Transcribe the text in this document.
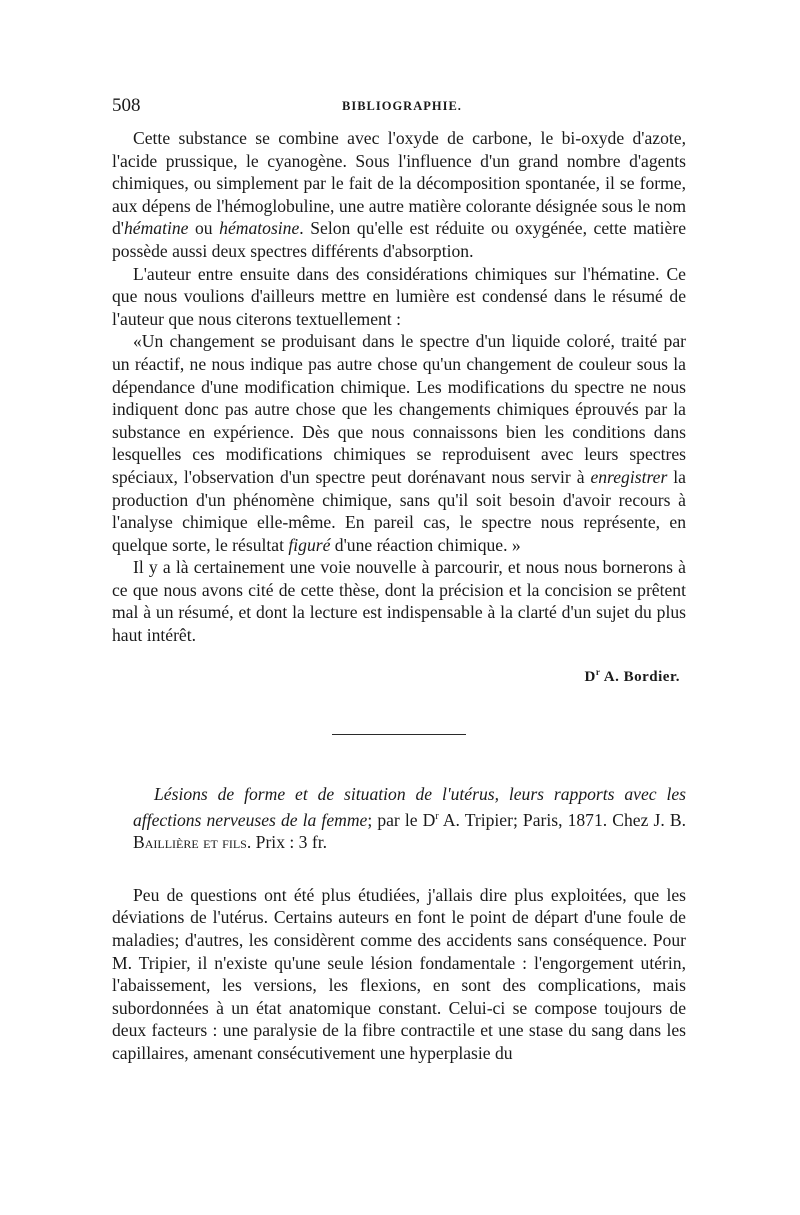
508	BIBLIOGRAPHIE.

Cette substance se combine avec l'oxyde de carbone, le bi-oxyde d'azote, l'acide prussique, le cyanogène. Sous l'influence d'un grand nombre d'agents chimiques, ou simplement par le fait de la décomposition spontanée, il se forme, aux dépens de l'hémoglobuline, une autre matière colorante désignée sous le nom d'hématine ou hématosine. Selon qu'elle est réduite ou oxygénée, cette matière possède aussi deux spectres différents d'absorption.

L'auteur entre ensuite dans des considérations chimiques sur l'hématine. Ce que nous voulions d'ailleurs mettre en lumière est condensé dans le résumé de l'auteur que nous citerons textuellement :

«Un changement se produisant dans le spectre d'un liquide coloré, traité par un réactif, ne nous indique pas autre chose qu'un changement de couleur sous la dépendance d'une modification chimique. Les modifications du spectre ne nous indiquent donc pas autre chose que les changements chimiques éprouvés par la substance en expérience. Dès que nous connaissons bien les conditions dans lesquelles ces modifications chimiques se reproduisent avec leurs spectres spéciaux, l'observation d'un spectre peut dorénavant nous servir à enregistrer la production d'un phénomène chimique, sans qu'il soit besoin d'avoir recours à l'analyse chimique elle-même. En pareil cas, le spectre nous représente, en quelque sorte, le résultat figuré d'une réaction chimique. »

Il y a là certainement une voie nouvelle à parcourir, et nous nous bornerons à ce que nous avons cité de cette thèse, dont la précision et la concision se prêtent mal à un résumé, et dont la lecture est indispensable à la clarté d'un sujet du plus haut intérêt.

$D^r$ A. Bordier.

Lésions de forme et de situation de l'utérus, leurs rapports avec les affections nerveuses de la femme; par le $D^r$ A. Tripier; Paris, 1871. Chez J. B. Baillière et fils. Prix : 3 fr.

Peu de questions ont été plus étudiées, j'allais dire plus exploitées, que les déviations de l'utérus. Certains auteurs en font le point de départ d'une foule de maladies; d'autres, les considèrent comme des accidents sans conséquence. Pour M. Tripier, il n'existe qu'une seule lésion fondamentale : l'engorgement utérin, l'abaissement, les versions, les flexions, en sont des complications, mais subordonnées à un état anatomique constant. Celui-ci se compose toujours de deux facteurs : une paralysie de la fibre contractile et une stase du sang dans les capillaires, amenant consécutivement une hyperplasie du
